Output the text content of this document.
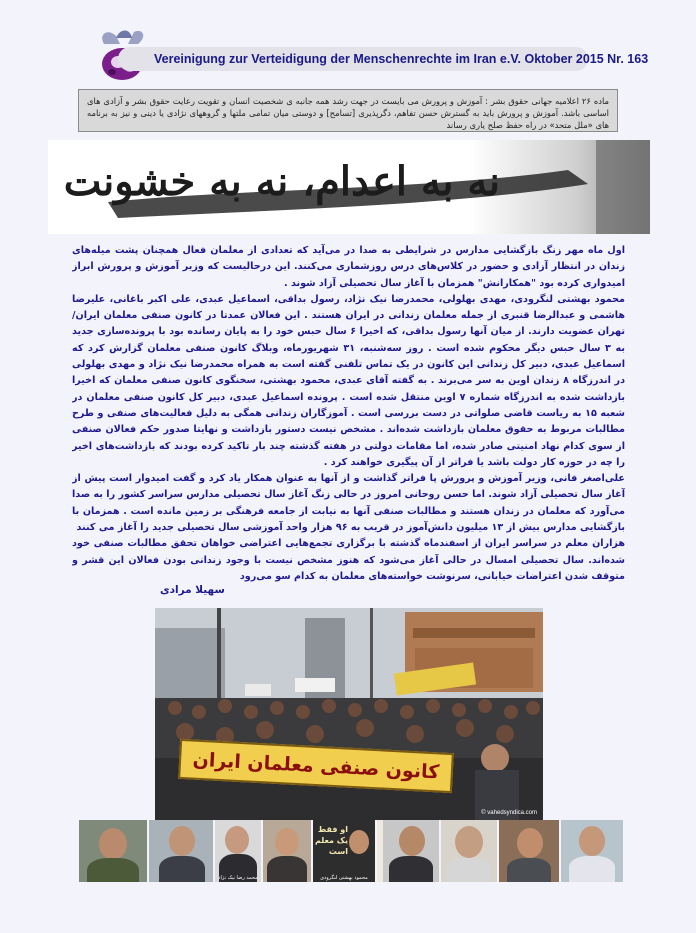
Vereinigung zur Verteidigung der Menschenrechte im Iran e.V. Oktober 2015 Nr. 163
ماده ۲۶ اعلامیه جهانی حقوق بشر : آموزش و پرورش می بایست در جهت رشد همه جانبه ی شخصیت انسان و تقویت رعایت حقوق بشر و آزادی های اساسی باشد. آموزش و پرورش باید به گسترش حسن تفاهم، دگرپذیری [تسامح] و دوستی میان تمامی ملتها و گروههای نژادی یا دینی و نیز به برنامه های «ملل متحد» در راه حفظ صلح یاری رساند
نه به اعدام، نه به خشونت

اول ماه مهر زنگ بازگشایی مدارس در شرایطی به صدا در می‌آید که تعدادی از معلمان فعال همچنان پشت میله‌های زندان در انتظار آزادی و حضور در کلاس‌های درس روزشماری می‌کنند. این درحالیست که وزیر آموزش و پرورش ابراز امیدواری کرده بود "همکارانش" همزمان با آغاز سال تحصیلی آزاد شوند .

محمود بهشتی لنگرودی، مهدی بهلولی، محمدرضا نیک نژاد، رسول بداقی، اسماعیل عبدی، علی اکبر باغانی، علیرضا هاشمی و عبدالرضا قنبری از جمله معلمان زندانی در ایران هستند . این فعالان عمدتا در کانون صنفی معلمان ایران/ تهران عضویت دارند. از میان آنها رسول بداقی، که اخیرا ۶ سال حبس خود را به پایان رسانده بود با پرونده‌سازی جدید به ۳ سال حبس دیگر محکوم شده است . روز سه‌شنبه، ۳۱ شهریورماه، وبلاگ کانون صنفی معلمان گزارش کرد که اسماعیل عبدی، دبیر کل زندانی این کانون در یک تماس تلفنی گفته است به همراه محمدرضا نیک نژاد و مهدی بهلولی در اندرزگاه ۸ زندان اوین به سر می‌برند . به گفته آقای عبدی، محمود بهشتی، سخنگوی کانون صنفی معلمان که اخیرا بازداشت شده به اندرزگاه شماره ۷ اوین منتقل شده است . پرونده اسماعیل عبدی، دبیر کل کانون صنفی معلمان در شعبه ۱۵ به ریاست قاضی صلواتی در دست بررسی است . آموزگاران زندانی همگی به دلیل فعالیت‌های صنفی و طرح مطالبات مربوط به حقوق معلمان بازداشت شده‌اند . مشخص نیست دستور بازداشت و نهایتا صدور حکم فعالان صنفی از سوی کدام نهاد امنیتی صادر شده، اما مقامات دولتی در هفته گذشته چند بار تاکید کرده بودند که بازداشت‌های اخیر را چه در حوزه کار دولت باشد یا فراتر از آن پیگیری خواهند کرد .

علی‌اصغر فانی، وزیر آموزش و پرورش پا فراتر گذاشت و از آنها به عنوان همکار یاد کرد و گفت امیدوار است پیش از آغاز سال تحصیلی آزاد شوند. اما حسن روحانی امروز در حالی زنگ آغاز سال تحصیلی مدارس سراسر کشور را به صدا می‌آورد که معلمان در زندان هستند و مطالبات صنفی آنها به نیابت از جامعه فرهنگی بر زمین مانده است . همزمان با بازگشایی مدارس بیش از ۱۳ میلیون دانش‌آموز در قریب به ۹۶ هزار واحد آموزشی سال تحصیلی جدید را آغاز می کنند

هزاران معلم در سراسر ایران از اسفندماه گذشته با برگزاری تجمع‌هایی اعتراضی خواهان تحقق مطالبات صنفی خود شده‌اند. سال تحصیلی امسال در حالی آغاز می‌شود که هنوز مشخص نیست با وجود زندانی بودن فعالان این قشر و متوقف شدن اعتراضات خیابانی، سرنوشت خواسته‌های معلمان به کدام سو می‌رود

سهیلا مرادی
کانون صنفی معلمان ایران
© vahedsyndica.com
محمد رضا نیک نژاد
او فقط
یک معلم
است
محمود بهشتی لنگرودی
